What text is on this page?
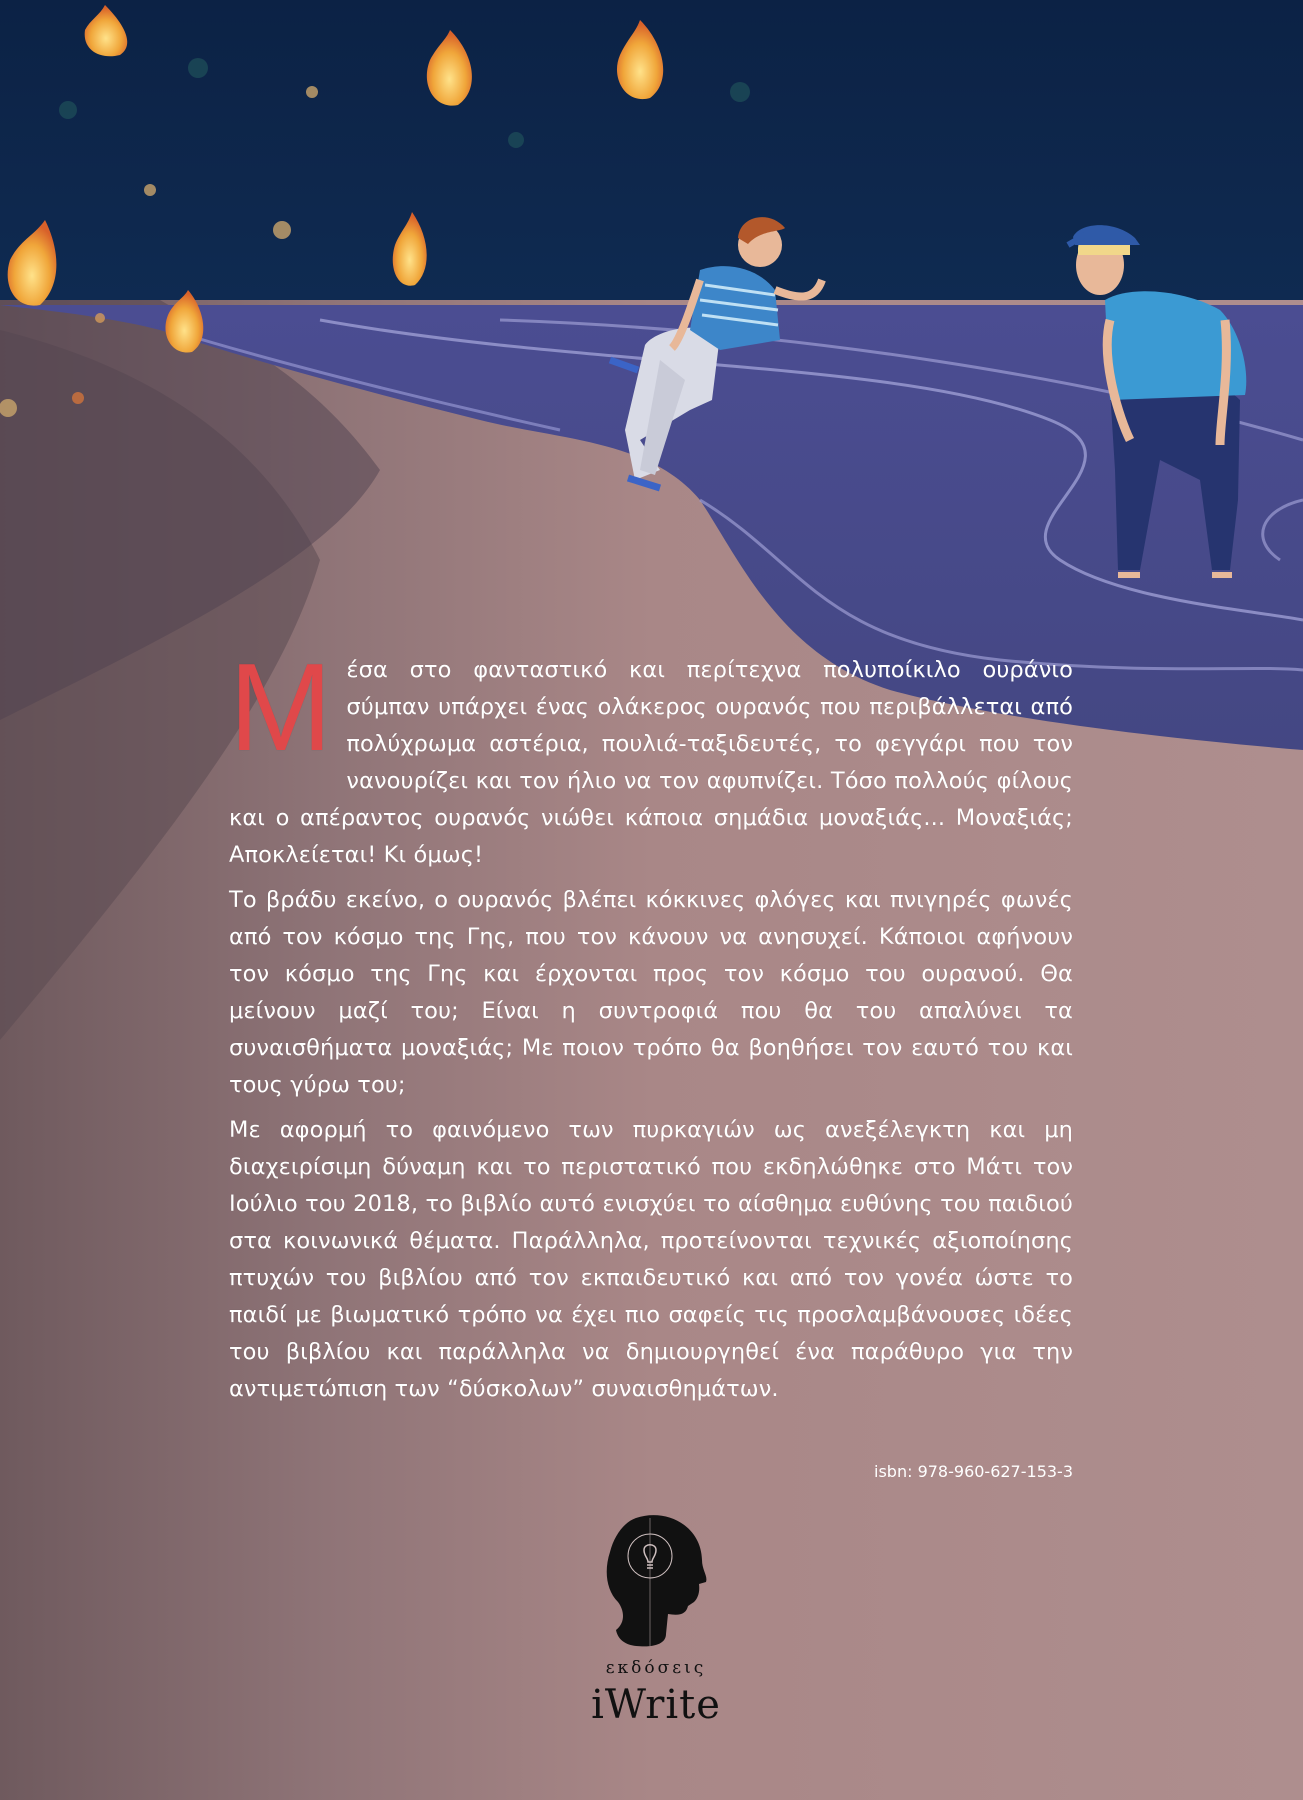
Μέσα στο φανταστικό και περίτεχνα πολυποίκιλο ουράνιο σύμπαν υπάρχει ένας ολάκερος ουρανός που περιβάλλεται από πολύχρωμα αστέρια, πουλιά-ταξιδευτές, το φεγγάρι που τον νανουρίζει και τον ήλιο να τον αφυπνίζει. Τόσο πολλούς φίλους και ο απέραντος ουρανός νιώθει κάποια σημάδια μοναξιάς... Μοναξιάς; Αποκλείεται! Κι όμως!

Το βράδυ εκείνο, ο ουρανός βλέπει κόκκινες φλόγες και πνιγηρές φωνές από τον κόσμο της Γης, που τον κάνουν να ανησυχεί. Κάποιοι αφήνουν τον κόσμο της Γης και έρχονται προς τον κόσμο του ουρανού. Θα μείνουν μαζί του; Είναι η συντροφιά που θα του απαλύνει τα συναισθήματα μοναξιάς; Με ποιον τρόπο θα βοηθήσει τον εαυτό του και τους γύρω του;

Με αφορμή το φαινόμενο των πυρκαγιών ως ανεξέλεγκτη και μη διαχειρίσιμη δύναμη και το περιστατικό που εκδηλώθηκε στο Μάτι τον Ιούλιο του 2018, το βιβλίο αυτό ενισχύει το αίσθημα ευθύνης του παιδιού στα κοινωνικά θέματα. Παράλληλα, προτείνονται τεχνικές αξιοποίησης πτυχών του βιβλίου από τον εκπαιδευτικό και από τον γονέα ώστε το παιδί με βιωματικό τρόπο να έχει πιο σαφείς τις προσλαμβάνουσες ιδέες του βιβλίου και παράλληλα να δημιουργηθεί ένα παράθυρο για την αντιμετώπιση των “δύσκολων” συναισθημάτων.

isbn: 978-960-627-153-3
εκδόσεις
iWrite
